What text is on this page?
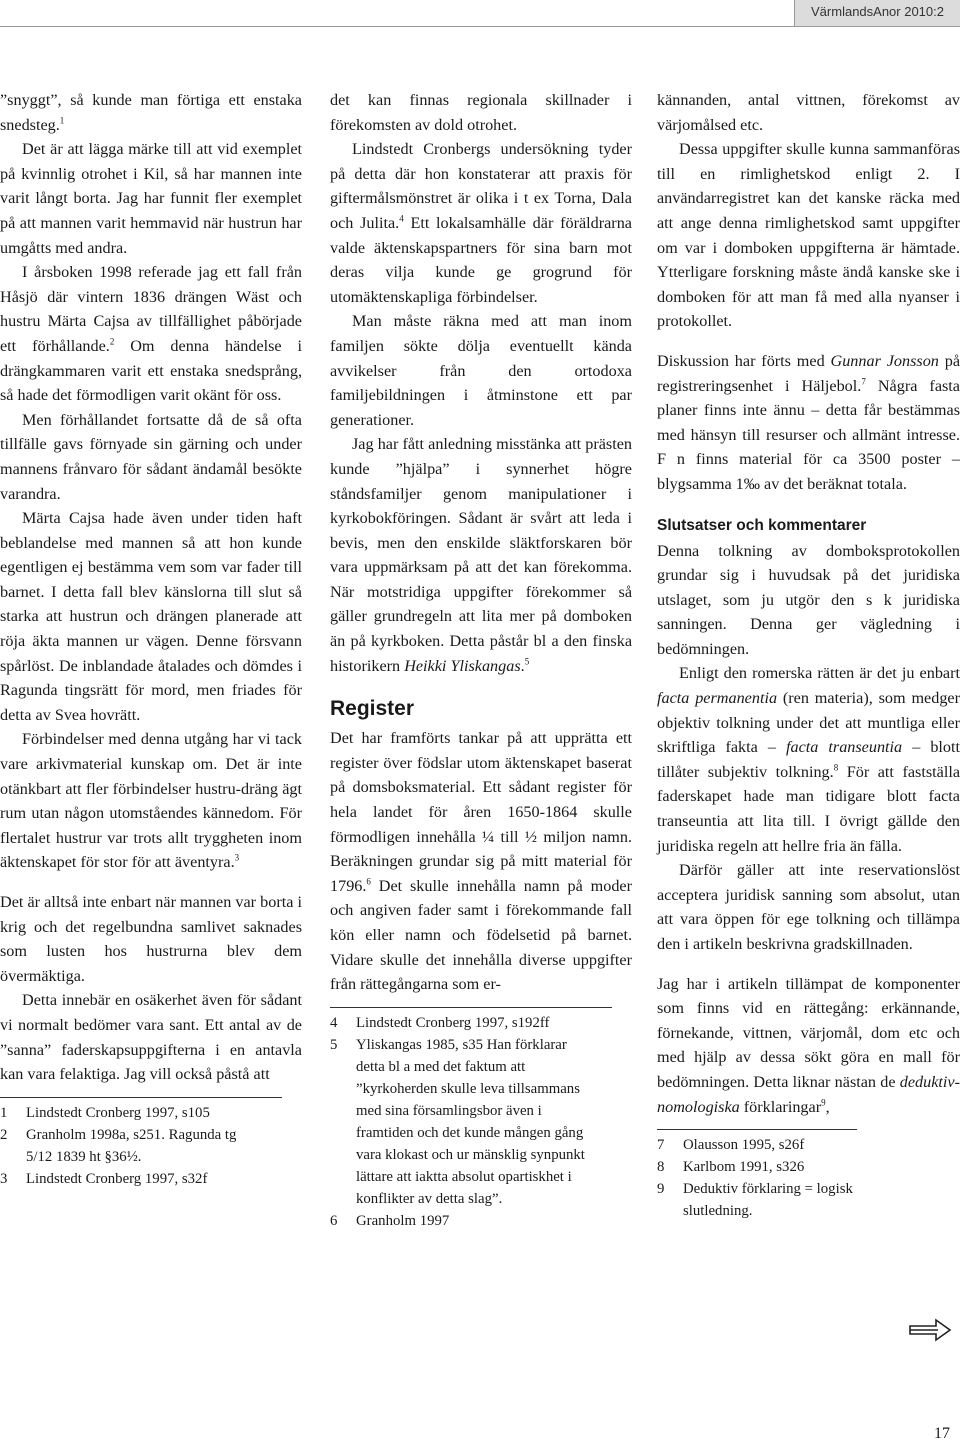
VärmlandsAnor 2010:2

”snyggt”, så kunde man förtiga ett enstaka snedsteg.$^1$

Det är att lägga märke till att vid exemplet på kvinnlig otrohet i Kil, så har mannen inte varit långt borta. Jag har funnit fler exemplet på att mannen varit hemmavid när hustrun har umgåtts med andra.

I årsboken 1998 referade jag ett fall från Håsjö där vintern 1836 drängen Wäst och hustru Märta Cajsa av tillfällighet påbörjade ett förhållande.$^2$ Om denna händelse i drängkammaren varit ett enstaka snedsprång, så hade det förmodligen varit okänt för oss.

Men förhållandet fortsatte då de så ofta tillfälle gavs förnyade sin gärning och under mannens frånvaro för sådant ändamål besökte varandra.

Märta Cajsa hade även under tiden haft beblandelse med mannen så att hon kunde egentligen ej bestämma vem som var fader till barnet. I detta fall blev känslorna till slut så starka att hustrun och drängen planerade att röja äkta mannen ur vägen. Denne försvann spårlöst. De inblandade åtalades och dömdes i Ragunda tingsrätt för mord, men friades för detta av Svea hovrätt.

Förbindelser med denna utgång har vi tack vare arkivmaterial kunskap om. Det är inte otänkbart att fler förbindelser hustru-dräng ägt rum utan någon utomståendes kännedom. För flertalet hustrur var trots allt tryggheten inom äktenskapet för stor för att äventyra.$^3$

Det är alltså inte enbart när mannen var borta i krig och det regelbundna samlivet saknades som lusten hos hustrurna blev dem övermäktiga.

Detta innebär en osäkerhet även för sådant vi normalt bedömer vara sant. Ett antal av de ”sanna” faderskapsuppgifterna i en antavla kan vara felaktiga. Jag vill också påstå att

1	Lindstedt Cronberg 1997, s105
2	Granholm 1998a, s251. Ragunda tg
5/12 1839 ht §36½.
3	Lindstedt Cronberg 1997, s32f

det kan finnas regionala skillnader i förekomsten av dold otrohet.

Lindstedt Cronbergs undersökning tyder på detta där hon konstaterar att praxis för giftermålsmönstret är olika i t ex Torna, Dala och Julita.$^4$ Ett lokalsamhälle där föräldrarna valde äktenskapspartners för sina barn mot deras vilja kunde ge grogrund för utomäktenskapliga förbindelser.

Man måste räkna med att man inom familjen sökte dölja eventuellt kända avvikelser från den ortodoxa familjebildningen i åtminstone ett par generationer.

Jag har fått anledning misstänka att prästen kunde ”hjälpa” i synnerhet högre ståndsfamiljer genom manipulationer i kyrkobokföringen. Sådant är svårt att leda i bevis, men den enskilde släktforskaren bör vara uppmärksam på att det kan förekomma. När motstridiga uppgifter förekommer så gäller grundregeln att lita mer på domboken än på kyrkboken. Detta påstår bl a den finska historikern Heikki Yliskangas.$^5$

Register

Det har framförts tankar på att upprätta ett register över födslar utom äktenskapet baserat på domsboksmaterial. Ett sådant register för hela landet för åren 1650-1864 skulle förmodligen innehålla ¼ till ½ miljon namn. Beräkningen grundar sig på mitt material för 1796.$^6$ Det skulle innehålla namn på moder och angiven fader samt i förekommande fall kön eller namn och födelsetid på barnet. Vidare skulle det innehålla diverse uppgifter från rättegångarna som er-

4	Lindstedt Cronberg 1997, s192ff
5	Yliskangas 1985, s35 Han förklarar detta bl a med det faktum att ”kyrkoherden skulle leva tillsammans med sina församlingsbor även i framtiden och det kunde mången gång vara klokast och ur mänsklig synpunkt lättare att iaktta absolut opartiskhet i konflikter av detta slag”.
6	Granholm 1997

kännanden, antal vittnen, förekomst av värjomålsed etc.

Dessa uppgifter skulle kunna sammanföras till en rimlighetskod enligt 2. I användarregistret kan det kanske räcka med att ange denna rimlighetskod samt uppgifter om var i domboken uppgifterna är hämtade. Ytterligare forskning måste ändå kanske ske i domboken för att man få med alla nyanser i protokollet.

Diskussion har förts med Gunnar Jonsson på registreringsenhet i Häljebol.$^7$ Några fasta planer finns inte ännu – detta får bestämmas med hänsyn till resurser och allmänt intresse. F n finns material för ca 3500 poster – blygsamma 1‰ av det beräknat totala.

Slutsatser och kommentarer

Denna tolkning av domboksprotokollen grundar sig i huvudsak på det juridiska utslaget, som ju utgör den s k juridiska sanningen. Denna ger vägledning i bedömningen.

Enligt den romerska rätten är det ju enbart facta permanentia (ren materia), som medger objektiv tolkning under det att muntliga eller skriftliga fakta – facta transeuntia – blott tillåter subjektiv tolkning.$^8$ För att fastställa faderskapet hade man tidigare blott facta transeuntia att lita till. I övrigt gällde den juridiska regeln att hellre fria än fälla.

Därför gäller att inte reservationslöst acceptera juridisk sanning som absolut, utan att vara öppen för ege tolkning och tillämpa den i artikeln beskrivna gradskillnaden.

Jag har i artikeln tillämpat de komponenter som finns vid en rättegång: erkännande, förnekande, vittnen, värjomål, dom etc och med hjälp av dessa sökt göra en mall för bedömningen. Detta liknar nästan de deduktiv-nomologiska förklaringar$^9$,

7	Olausson 1995, s26f
8	Karlbom 1991, s326
9	Deduktiv förklaring = logisk slutledning.
17
